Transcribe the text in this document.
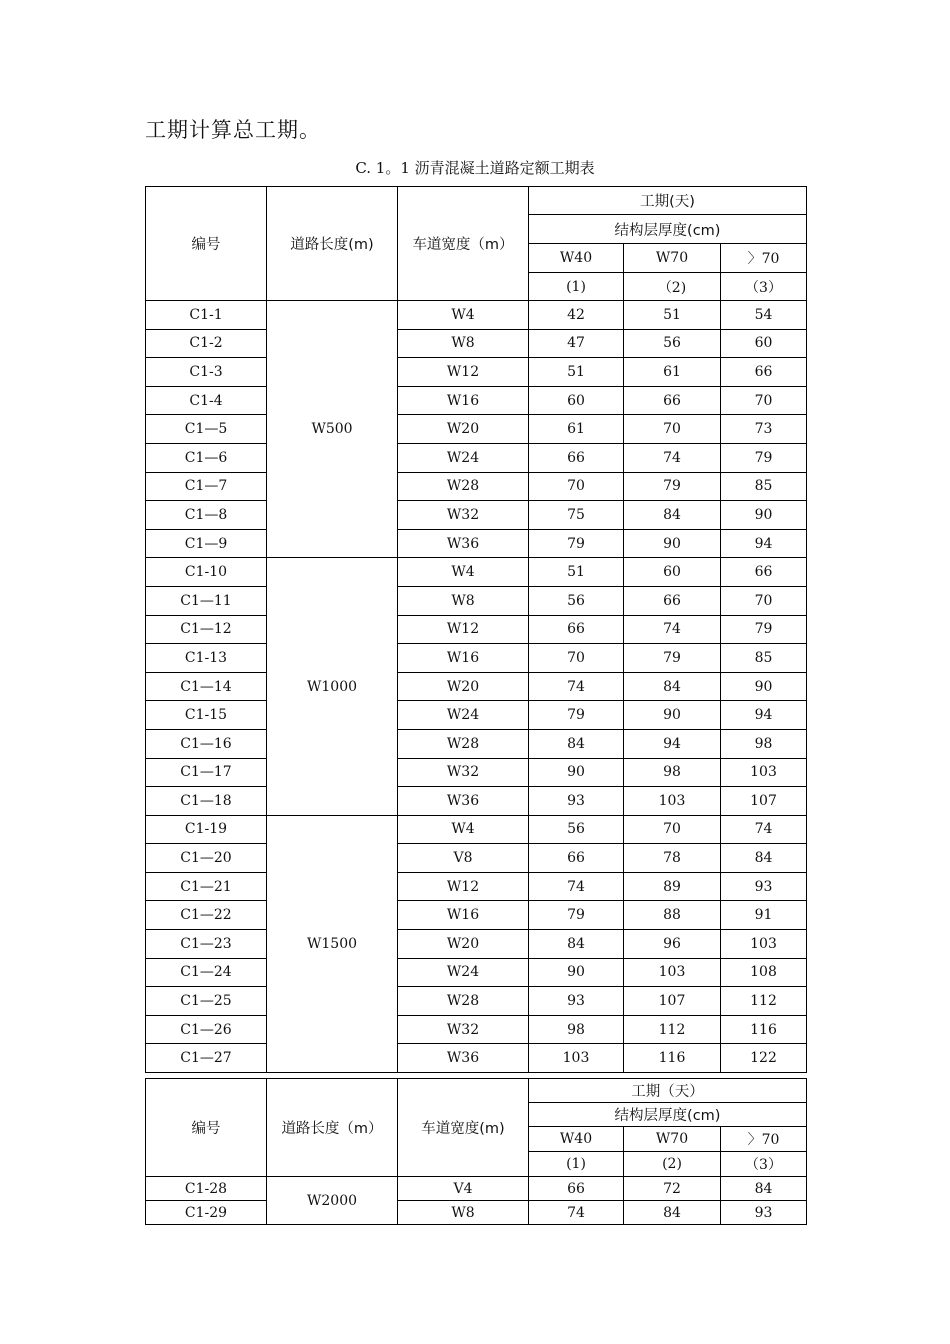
工期计算总工期。
C. 1。1 沥青混凝土道路定额工期表
编号	道路长度(m)	车道宽度（m）	工期(天)		
			结构层厚度(cm)		
			W40	W70	〉70
			(1)	（2)	（3）
C1-1	W500	W4	42	51	54
C1-2		W8	47	56	60
C1-3		W12	51	61	66
C1-4		W16	60	66	70
C1—5		W20	61	70	73
C1—6		W24	66	74	79
C1—7		W28	70	79	85
C1—8		W32	75	84	90
C1—9		W36	79	90	94
C1-10	W1000	W4	51	60	66
C1—11		W8	56	66	70
C1—12		W12	66	74	79
C1-13		W16	70	79	85
C1—14		W20	74	84	90
C1-15		W24	79	90	94
C1—16		W28	84	94	98
C1—17		W32	90	98	103
C1—18		W36	93	103	107
C1-19	W1500	W4	56	70	74
C1—20		V8	66	78	84
C1—21		W12	74	89	93
C1—22		W16	79	88	91
C1—23		W20	84	96	103
C1—24		W24	90	103	108
C1—25		W28	93	107	112
C1—26		W32	98	112	116
C1—27		W36	103	116	122
编号	道路长度（m）	车道宽度(m)	工期（天）		
			结构层厚度(cm)		
			W40	W70	〉70
			(1)	(2)	（3）
C1-28	W2000	V4	66	72	84
C1-29		W8	74	84	93
